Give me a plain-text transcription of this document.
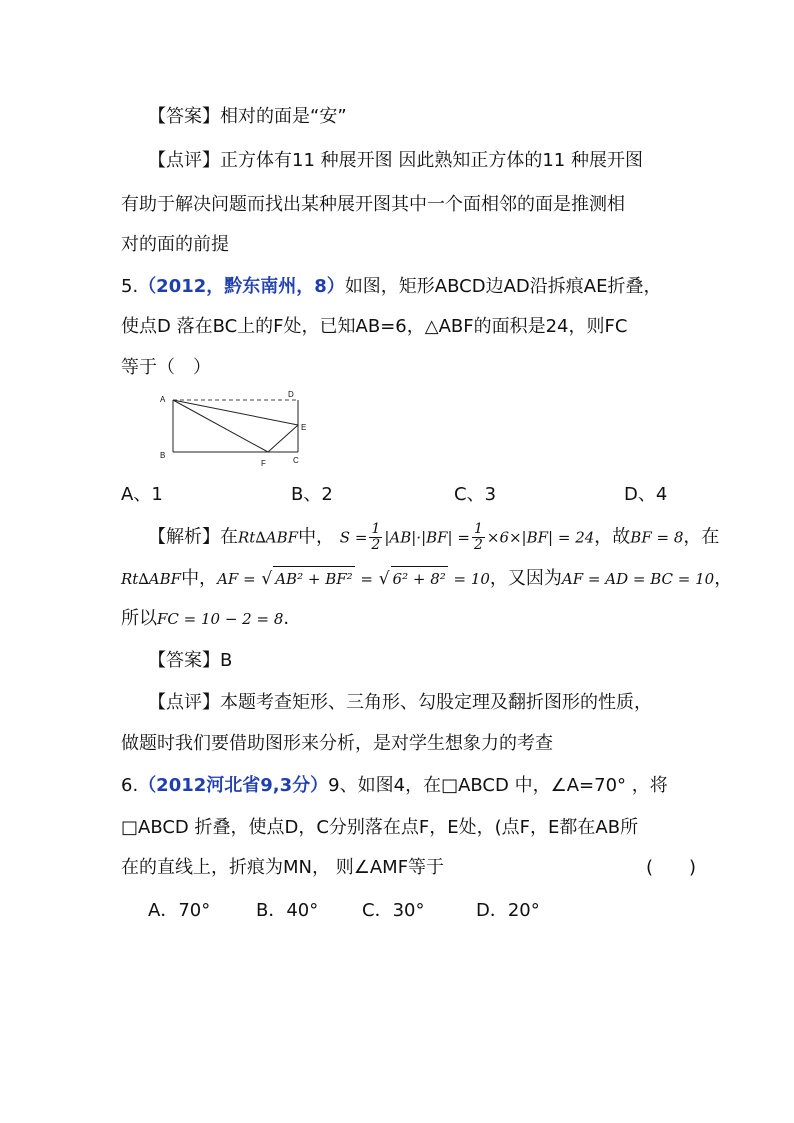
【答案】相对的面是“安”
【点评】正方体有11 种展开图 因此熟知正方体的11 种展开图
有助于解决问题而找出某种展开图其中一个面相邻的面是推测相
对的面的前提
5.（2012，黔东南州，8）如图，矩形ABCD边AD沿拆痕AE折叠，
使点D 落在BC上的F处，已知AB=6，△ABF的面积是24，则FC
等于（　）
A
D
E
B
F	C
A、1	B、2	C、3	D、4
【解析】在Rt∆ABF中， $S = \frac{1}{2} |AB|\cdot|BF| = \frac{1}{2} \times 6\times|BF| = 24$，故BF = 8，在
Rt∆ABF中，AF = √ AB² + BF² = √ 6² + 8² = 10，又因为AF = AD = BC = 10，
所以FC = 10 − 2 = 8.
【答案】B
【点评】本题考查矩形、三角形、勾股定理及翻折图形的性质，
做题时我们要借助图形来分析，是对学生想象力的考查
6.（2012河北省9,3分）9、如图4，在□ABCD 中，∠A=70° ，将
□ABCD 折叠，使点D，C分别落在点F，E处，(点F，E都在AB所
在的直线上，折痕为MN， 则∠AMF等于	(　　)
A．70°	B．40° C．30°	D．20°
